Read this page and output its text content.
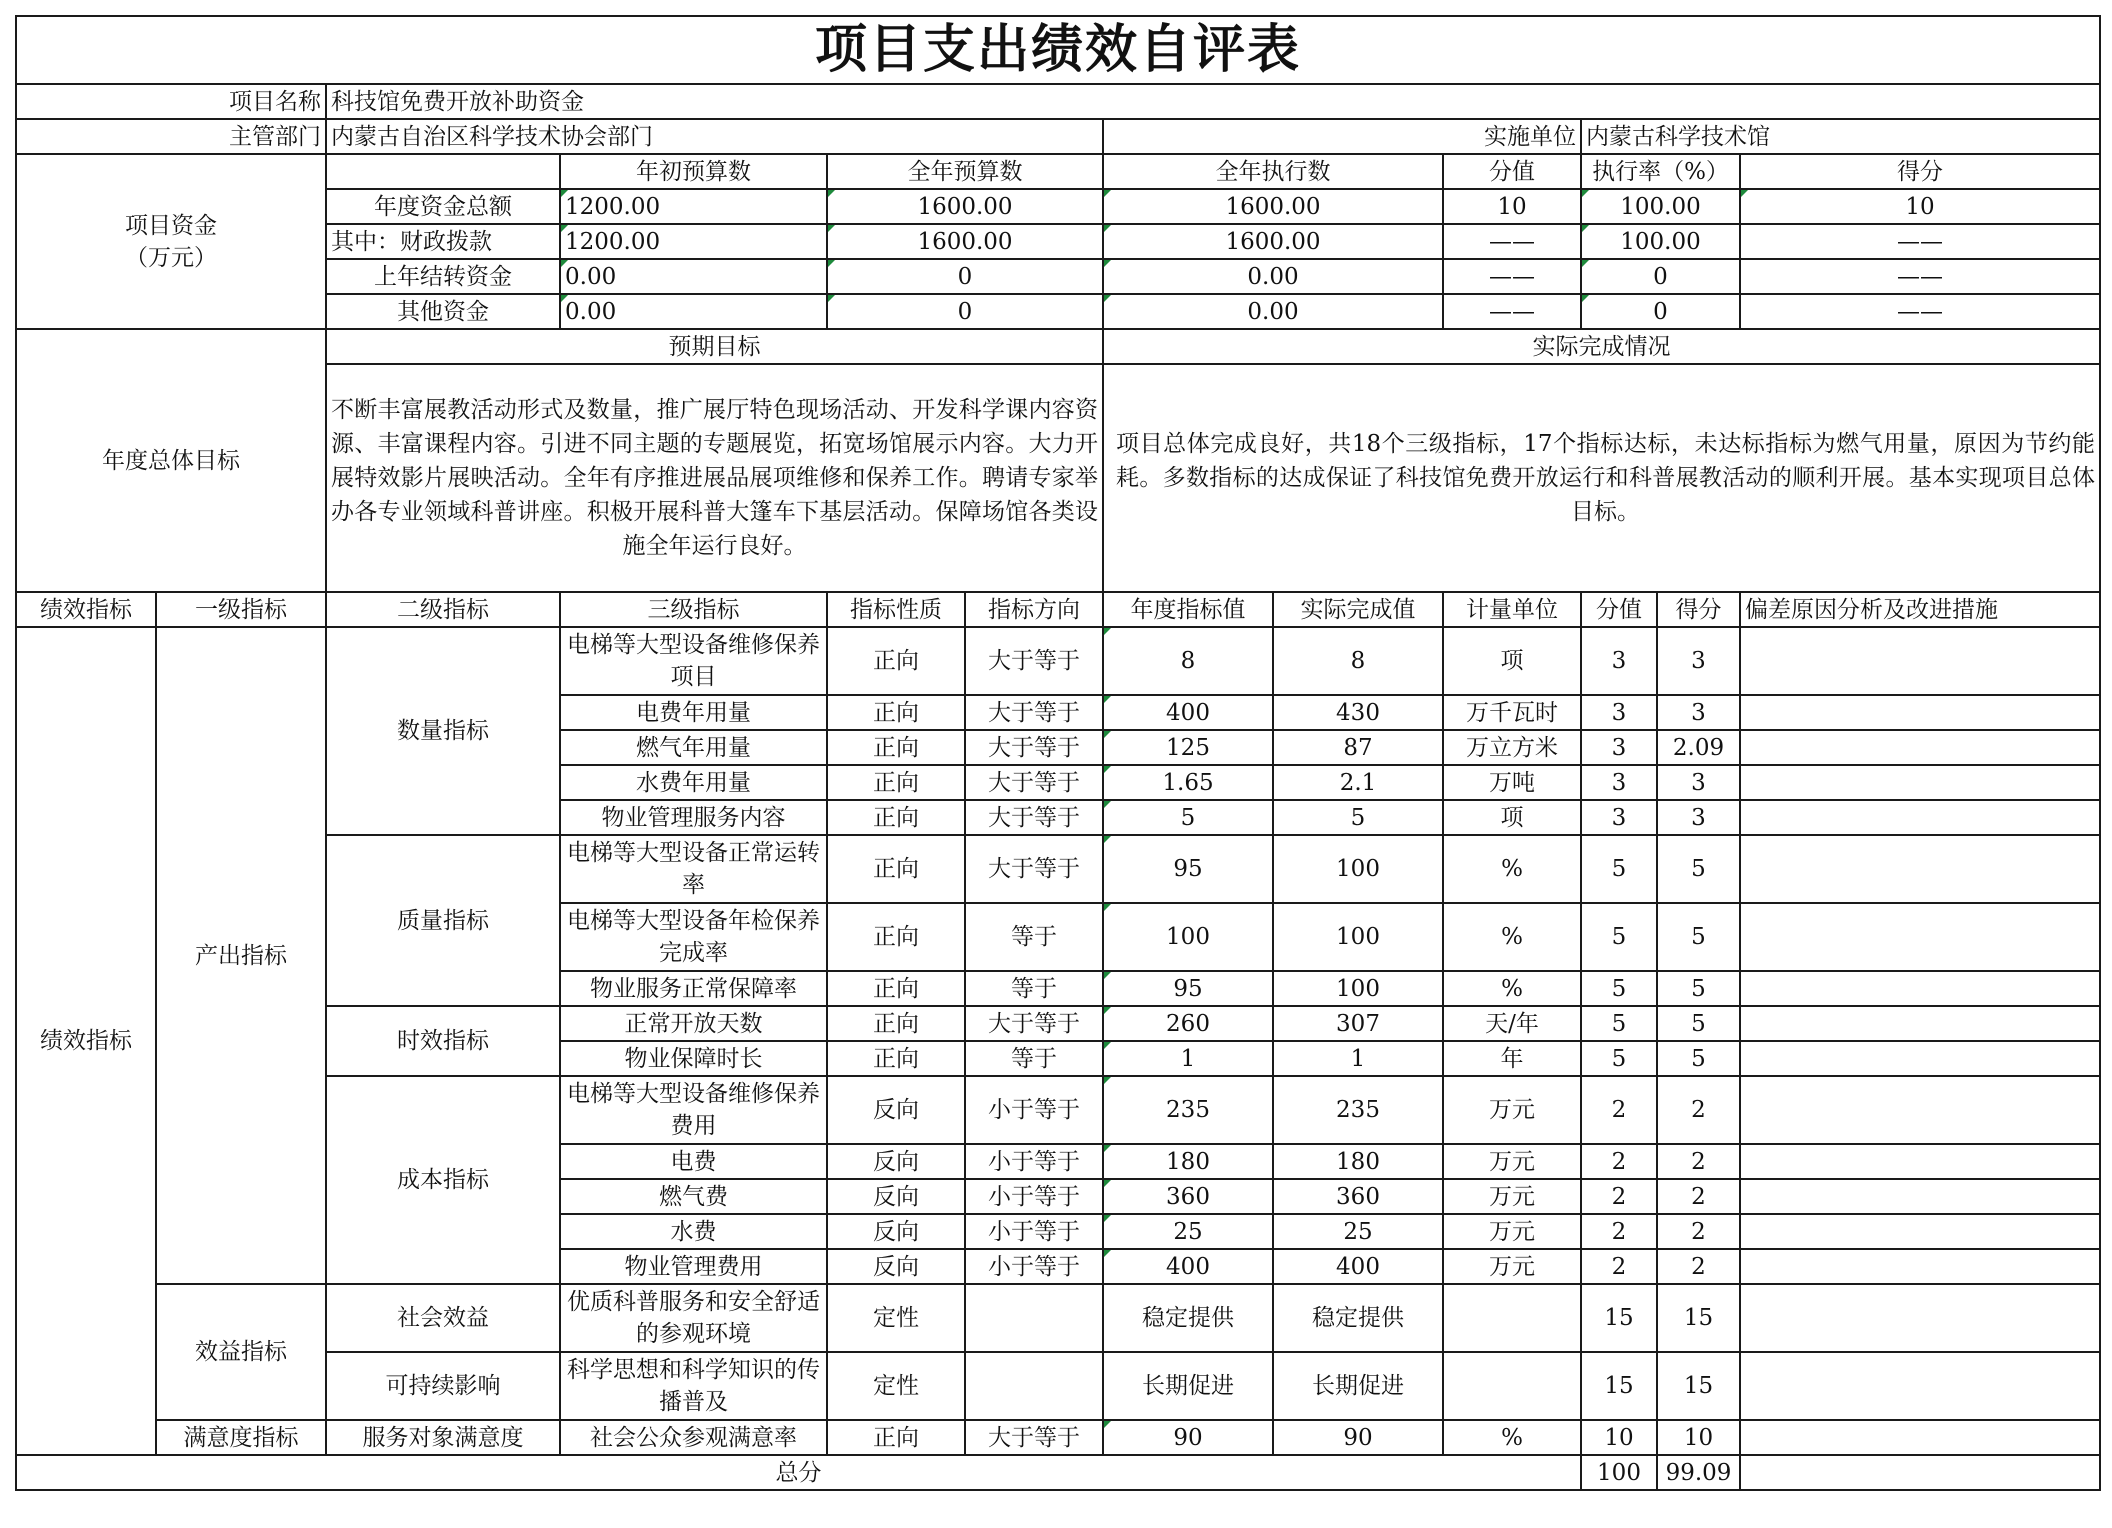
项目支出绩效自评表											
项目名称		科技馆免费开放补助资金									
主管部门		内蒙古自治区科学技术协会部门				实施单位			内蒙古科学技术馆		

项目资金
（万元）			年初预算数	全年预算数		全年执行数		分值	执行率（%）		得分
		年度资金总额	1200.00	1600.00		1600.00		10	100.00		10
		其中：财政拨款	1200.00	1600.00		1600.00		——	100.00		——
		上年结转资金	0.00	0		0.00		——	0		——
		其他资金	0.00	0		0.00		——	0		——
年度总体目标		预期目标				实际完成情况					
		不断丰富展教活动形式及数量，推广展厅特色现场活动、开发科学课内容资源、丰富课程内容。引进不同主题的专题展览，拓宽场馆展示内容。大力开展特效影片展映活动。全年有序推进展品展项维修和保养工作。聘请专家举办各专业领域科普讲座。积极开展科普大篷车下基层活动。保障场馆各类设施全年运行良好。				项目总体完成良好，共18个三级指标，17个指标达标，未达标指标为燃气用量，原因为节约能耗。多数指标的达成保证了科技馆免费开放运行和科普展教活动的顺利开展。基本实现项目总体目标。					
绩效指标	一级指标	二级指标	三级指标	指标性质	指标方向	年度指标值	实际完成值	计量单位	分值	得分	偏差原因分析及改进措施
绩效指标	产出指标	数量指标	电梯等大型设备维修保养项目	正向	大于等于	8	8	项	3	3	
			电费年用量	正向	大于等于	400	430	万千瓦时	3	3	
			燃气年用量	正向	大于等于	125	87	万立方米	3	2.09	
			水费年用量	正向	大于等于	1.65	2.1	万吨	3	3	
			物业管理服务内容	正向	大于等于	5	5	项	3	3	
		质量指标	电梯等大型设备正常运转率	正向	大于等于	95	100	%	5	5	
			电梯等大型设备年检保养完成率	正向	等于	100	100	%	5	5	
			物业服务正常保障率	正向	等于	95	100	%	5	5	
		时效指标	正常开放天数	正向	大于等于	260	307	天/年	5	5	
			物业保障时长	正向	等于	1	1	年	5	5	
		成本指标	电梯等大型设备维修保养费用	反向	小于等于	235	235	万元	2	2	
			电费	反向	小于等于	180	180	万元	2	2	
			燃气费	反向	小于等于	360	360	万元	2	2	
			水费	反向	小于等于	25	25	万元	2	2	
			物业管理费用	反向	小于等于	400	400	万元	2	2	
	效益指标	社会效益	优质科普服务和安全舒适的参观环境	定性		稳定提供	稳定提供		15	15	
		可持续影响	科学思想和科学知识的传播普及	定性		长期促进	长期促进		15	15	
	满意度指标	服务对象满意度	社会公众参观满意率	正向	大于等于	90	90	%	10	10	
总分									100	99.09	
